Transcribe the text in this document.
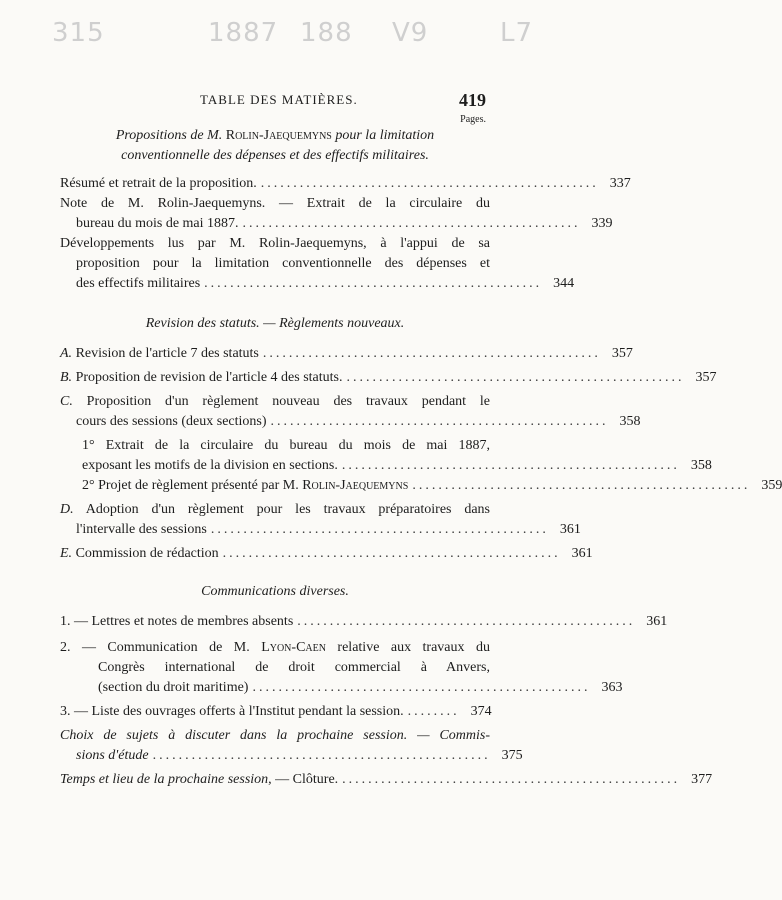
315	1887 188 V9	L7
TABLE DES MATIÈRES.	419
Pages.
Propositions de M. Rolin-Jaequemyns pour la limitation
conventionnelle des dépenses et des effectifs militaires.
Résumé et retrait de la proposition. .................................................... 337
Note de M. Rolin-Jaequemyns. — Extrait de la circulaire du
bureau du mois de mai 1887. .................................................... 339
Développements lus par M. Rolin-Jaequemyns, à l'appui de sa
proposition pour la limitation conventionnelle des dépenses et
des effectifs militaires .................................................... 344
Revision des statuts. — Règlements nouveaux.
A. Revision de l'article 7 des statuts .................................................... 357
B. Proposition de revision de l'article 4 des statuts. .................................................... 357
C. Proposition d'un règlement nouveau des travaux pendant le
cours des sessions (deux sections) .................................................... 358
1° Extrait de la circulaire du bureau du mois de mai 1887,
exposant les motifs de la division en sections. .................................................... 358
2° Projet de règlement présenté par M. Rolin-Jaequemyns .................................................... 359
D. Adoption d'un règlement pour les travaux préparatoires dans
l'intervalle des sessions .................................................... 361
E. Commission de rédaction .................................................... 361
Communications diverses.
1. — Lettres et notes de membres absents .................................................... 361
2. — Communication de M. Lyon-Caen relative aux travaux du
Congrès international de droit commercial à Anvers,
(section du droit maritime) .................................................... 363
3. — Liste des ouvrages offerts à l'Institut pendant la session. ........ 374
Choix de sujets à discuter dans la prochaine session. — Commis-
sions d'étude .................................................... 375
Temps et lieu de la prochaine session, — Clôture. .................................................... 377
